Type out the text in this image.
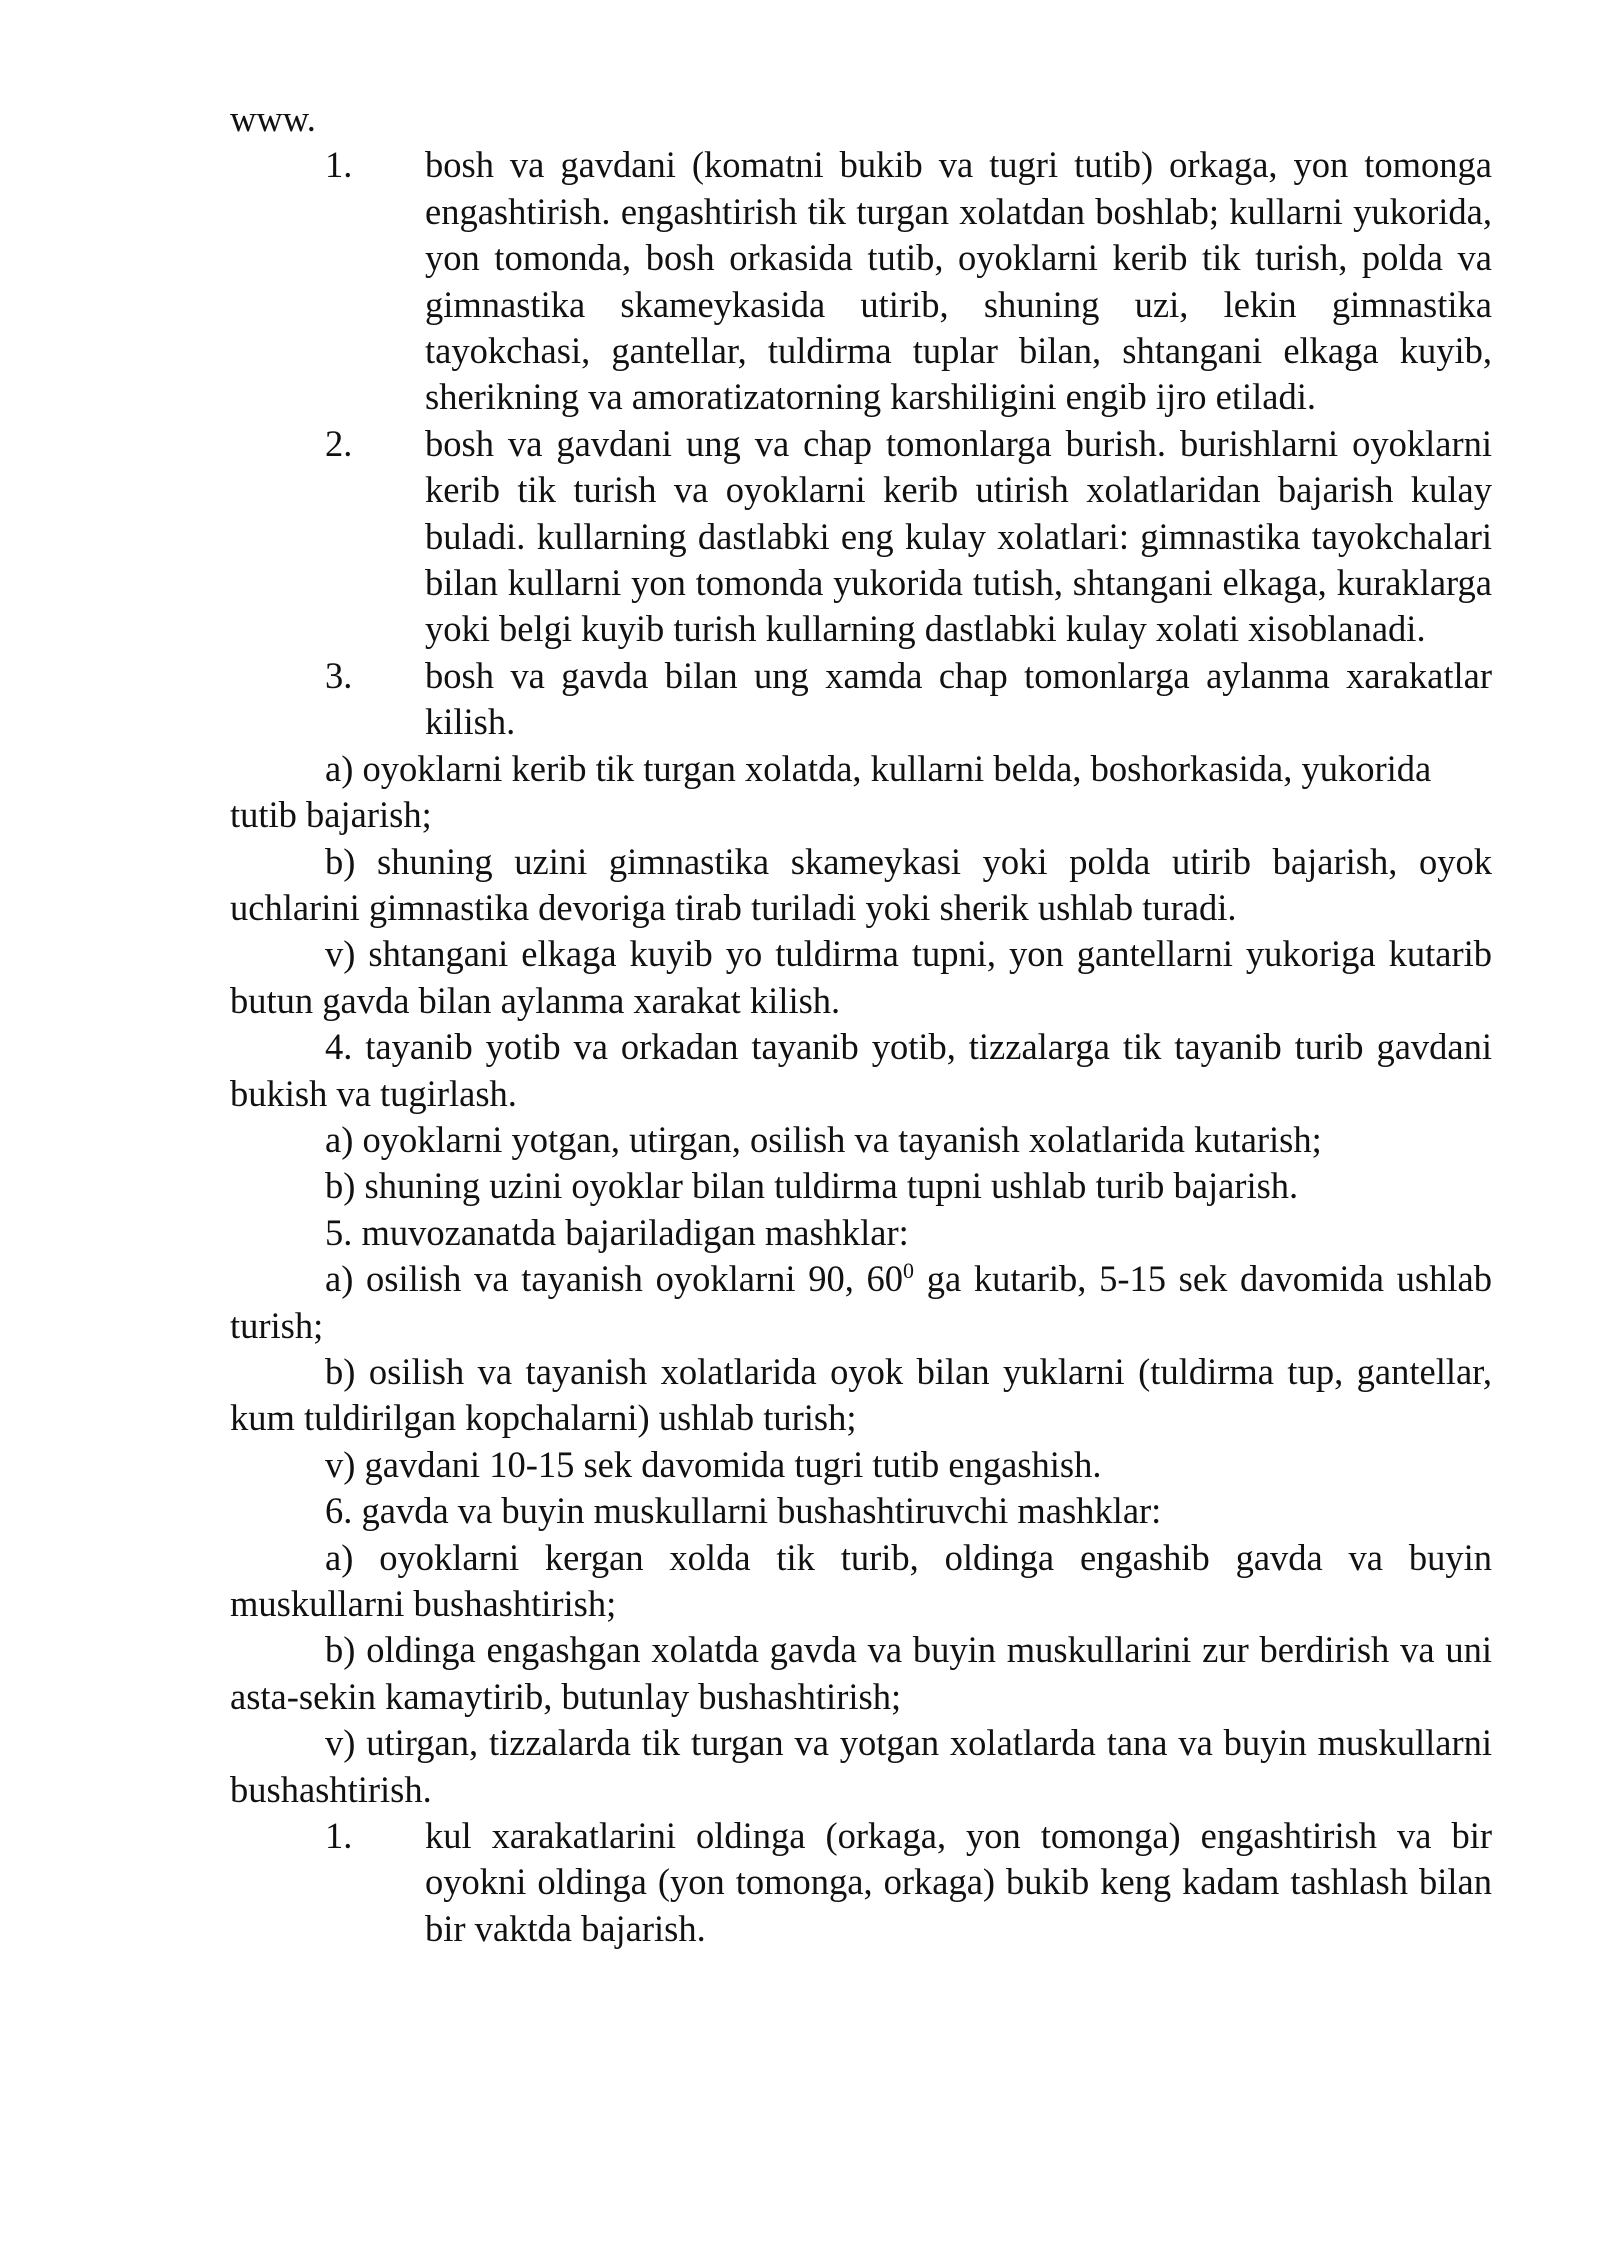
www.

1. bosh va gavdani (komatni bukib va tugri tutib) orkaga, yon tomonga engashtirish. engashtirish tik turgan xolatdan boshlab; kullarni yukorida, yon tomonda, bosh orkasida tutib, oyoklarni kerib tik turish, polda va gimnastika skameykasida utirib, shuning uzi, lekin gimnastika tayokchasi, gantellar, tuldirma tuplar bilan, shtangani elkaga kuyib, sherikning va amoratizatorning karshiligini engib ijro etiladi.
2. bosh va gavdani ung va chap tomonlarga burish. burishlarni oyoklarni kerib tik turish va oyoklarni kerib utirish xolatlaridan bajarish kulay buladi. kullarning dastlabki eng kulay xolatlari: gimnastika tayokchalari bilan kullarni yon tomonda yukorida tutish, shtangani elkaga, kuraklarga yoki belgi kuyib turish kullarning dastlabki kulay xolati xisoblanadi.
3. bosh va gavda bilan ung xamda chap tomonlarga aylanma xarakatlar kilish.

a) oyoklarni kerib tik turgan xolatda, kullarni belda, boshorkasida, yukorida tutib bajarish;

b) shuning uzini gimnastika skameykasi yoki polda utirib bajarish, oyok uchlarini gimnastika devoriga tirab turiladi yoki sherik ushlab turadi.

v) shtangani elkaga kuyib yo tuldirma tupni, yon gantellarni yukoriga kutarib butun gavda bilan aylanma xarakat kilish.

4. tayanib yotib va orkadan tayanib yotib, tizzalarga tik tayanib turib gavdani bukish va tugirlash.

a) oyoklarni yotgan, utirgan, osilish va tayanish xolatlarida kutarish;

b) shuning uzini oyoklar bilan tuldirma tupni ushlab turib bajarish.

5. muvozanatda bajariladigan mashklar:

a) osilish va tayanish oyoklarni 90, $60^0$ ga kutarib, 5-15 sek davomida ushlab turish;

b) osilish va tayanish xolatlarida oyok bilan yuklarni (tuldirma tup, gantellar, kum tuldirilgan kopchalarni) ushlab turish;

v) gavdani 10-15 sek davomida tugri tutib engashish.

6. gavda va buyin muskullarni bushashtiruvchi mashklar:

a) oyoklarni kergan xolda tik turib, oldinga engashib gavda va buyin muskullarni bushashtirish;

b) oldinga engashgan xolatda gavda va buyin muskullarini zur berdirish va uni asta-sekin kamaytirib, butunlay bushashtirish;

v) utirgan, tizzalarda tik turgan va yotgan xolatlarda tana va buyin muskullarni bushashtirish.

1. kul xarakatlarini oldinga (orkaga, yon tomonga) engashtirish va bir oyokni oldinga (yon tomonga, orkaga) bukib keng kadam tashlash bilan bir vaktda bajarish.
